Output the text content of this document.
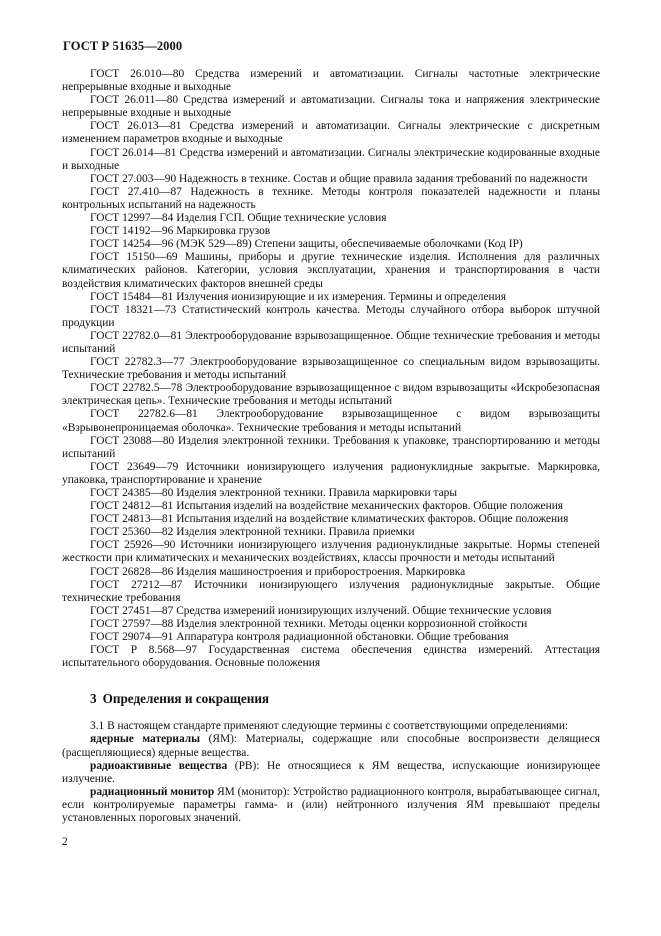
ГОСТ Р 51635—2000

ГОСТ 26.010—80 Средства измерений и автоматизации. Сигналы частотные электрические непрерывные входные и выходные

ГОСТ 26.011—80 Средства измерений и автоматизации. Сигналы тока и напряжения электрические непрерывные входные и выходные

ГОСТ 26.013—81 Средства измерений и автоматизации. Сигналы электрические с дискретным изменением параметров входные и выходные

ГОСТ 26.014—81 Средства измерений и автоматизации. Сигналы электрические кодированные входные и выходные

ГОСТ 27.003—90 Надежность в технике. Состав и общие правила задания требований по надежности

ГОСТ 27.410—87 Надежность в технике. Методы контроля показателей надежности и планы контрольных испытаний на надежность

ГОСТ 12997—84 Изделия ГСП. Общие технические условия

ГОСТ 14192—96 Маркировка грузов

ГОСТ 14254—96 (МЭК 529—89) Степени защиты, обеспечиваемые оболочками (Код IP)

ГОСТ 15150—69 Машины, приборы и другие технические изделия. Исполнения для различных климатических районов. Категории, условия эксплуатации, хранения и транспортирования в части воздействия климатических факторов внешней среды

ГОСТ 15484—81 Излучения ионизирующие и их измерения. Термины и определения

ГОСТ 18321—73 Статистический контроль качества. Методы случайного отбора выборок штучной продукции

ГОСТ 22782.0—81 Электрооборудование взрывозащищенное. Общие технические требования и методы испытаний

ГОСТ 22782.3—77 Электрооборудование взрывозащищенное со специальным видом взрывозащиты. Технические требования и методы испытаний

ГОСТ 22782.5—78 Электрооборудование взрывозащищенное с видом взрывозащиты «Искробезопасная электрическая цепь». Технические требования и методы испытаний

ГОСТ 22782.6—81 Электрооборудование взрывозащищенное с видом взрывозащиты «Взрывонепроницаемая оболочка». Технические требования и методы испытаний

ГОСТ 23088—80 Изделия электронной техники. Требования к упаковке, транспортированию и методы испытаний

ГОСТ 23649—79 Источники ионизирующего излучения радионуклидные закрытые. Маркировка, упаковка, транспортирование и хранение

ГОСТ 24385—80 Изделия электронной техники. Правила маркировки тары

ГОСТ 24812—81 Испытания изделий на воздействие механических факторов. Общие положения

ГОСТ 24813—81 Испытания изделий на воздействие климатических факторов. Общие положения

ГОСТ 25360—82 Изделия электронной техники. Правила приемки

ГОСТ 25926—90 Источники ионизирующего излучения радионуклидные закрытые. Нормы степеней жесткости при климатических и механических воздействиях, классы прочности и методы испытаний

ГОСТ 26828—86 Изделия машиностроения и приборостроения. Маркировка

ГОСТ 27212—87 Источники ионизирующего излучения радионуклидные закрытые. Общие технические требования

ГОСТ 27451—87 Средства измерений ионизирующих излучений. Общие технические условия

ГОСТ 27597—88 Изделия электронной техники. Методы оценки коррозионной стойкости

ГОСТ 29074—91 Аппаратура контроля радиационной обстановки. Общие требования

ГОСТ Р 8.568—97 Государственная система обеспечения единства измерений. Аттестация испытательного оборудования. Основные положения

3 Определения и сокращения

3.1 В настоящем стандарте применяют следующие термины с соответствующими определениями:

ядерные материалы (ЯМ): Материалы, содержащие или способные воспроизвести делящиеся (расщепляющиеся) ядерные вещества.

радиоактивные вещества (РВ): Не относящиеся к ЯМ вещества, испускающие ионизирующее излучение.

радиационный монитор ЯМ (монитор): Устройство радиационного контроля, вырабатывающее сигнал, если контролируемые параметры гамма- и (или) нейтронного излучения ЯМ превышают пределы установленных пороговых значений.

2
